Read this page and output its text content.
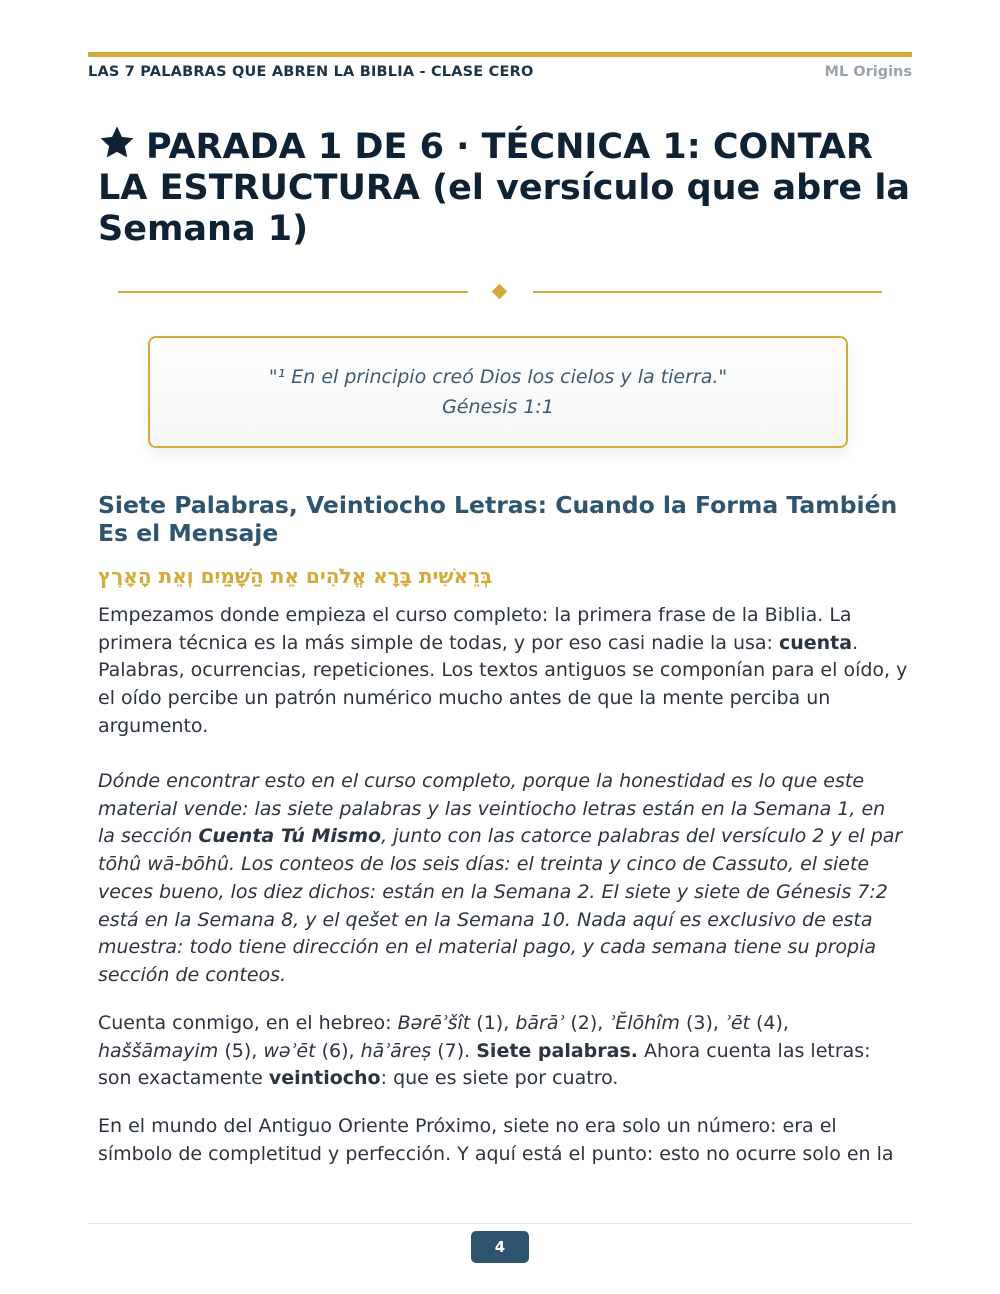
LAS 7 PALABRAS QUE ABREN LA BIBLIA - CLASE CERO	ML Origins
PARADA 1 DE 6 · TÉCNICA 1: CONTAR LA ESTRUCTURA (el versículo que abre la Semana 1)
"¹ En el principio creó Dios los cielos y la tierra."
Génesis 1:1
Siete Palabras, Veintiocho Letras: Cuando la Forma También Es el Mensaje
בְּרֵאשִׁית בָּרָא אֱלֹהִים אֵת הַשָּׁמַיִם וְאֵת הָאָרֶץ

Empezamos donde empieza el curso completo: la primera frase de la Biblia. La primera técnica es la más simple de todas, y por eso casi nadie la usa: cuenta. Palabras, ocurrencias, repeticiones. Los textos antiguos se componían para el oído, y el oído percibe un patrón numérico mucho antes de que la mente perciba un argumento.

Dónde encontrar esto en el curso completo, porque la honestidad es lo que este material vende: las siete palabras y las veintiocho letras están en la Semana 1, en la sección Cuenta Tú Mismo, junto con las catorce palabras del versículo 2 y el par tōhû wā-bōhû. Los conteos de los seis días: el treinta y cinco de Cassuto, el siete veces bueno, los diez dichos: están en la Semana 2. El siete y siete de Génesis 7:2 está en la Semana 8, y el qešet en la Semana 10. Nada aquí es exclusivo de esta muestra: todo tiene dirección en el material pago, y cada semana tiene su propia sección de conteos.

Cuenta conmigo, en el hebreo: Bərēʾšît (1), bārāʾ (2), ʾĔlōhîm (3), ʾēt (4), haššāmayim (5), wəʾēt (6), hāʾāreṣ (7). Siete palabras. Ahora cuenta las letras: son exactamente veintiocho: que es siete por cuatro.

En el mundo del Antiguo Oriente Próximo, siete no era solo un número: era el símbolo de completitud y perfección. Y aquí está el punto: esto no ocurre solo en la

4
